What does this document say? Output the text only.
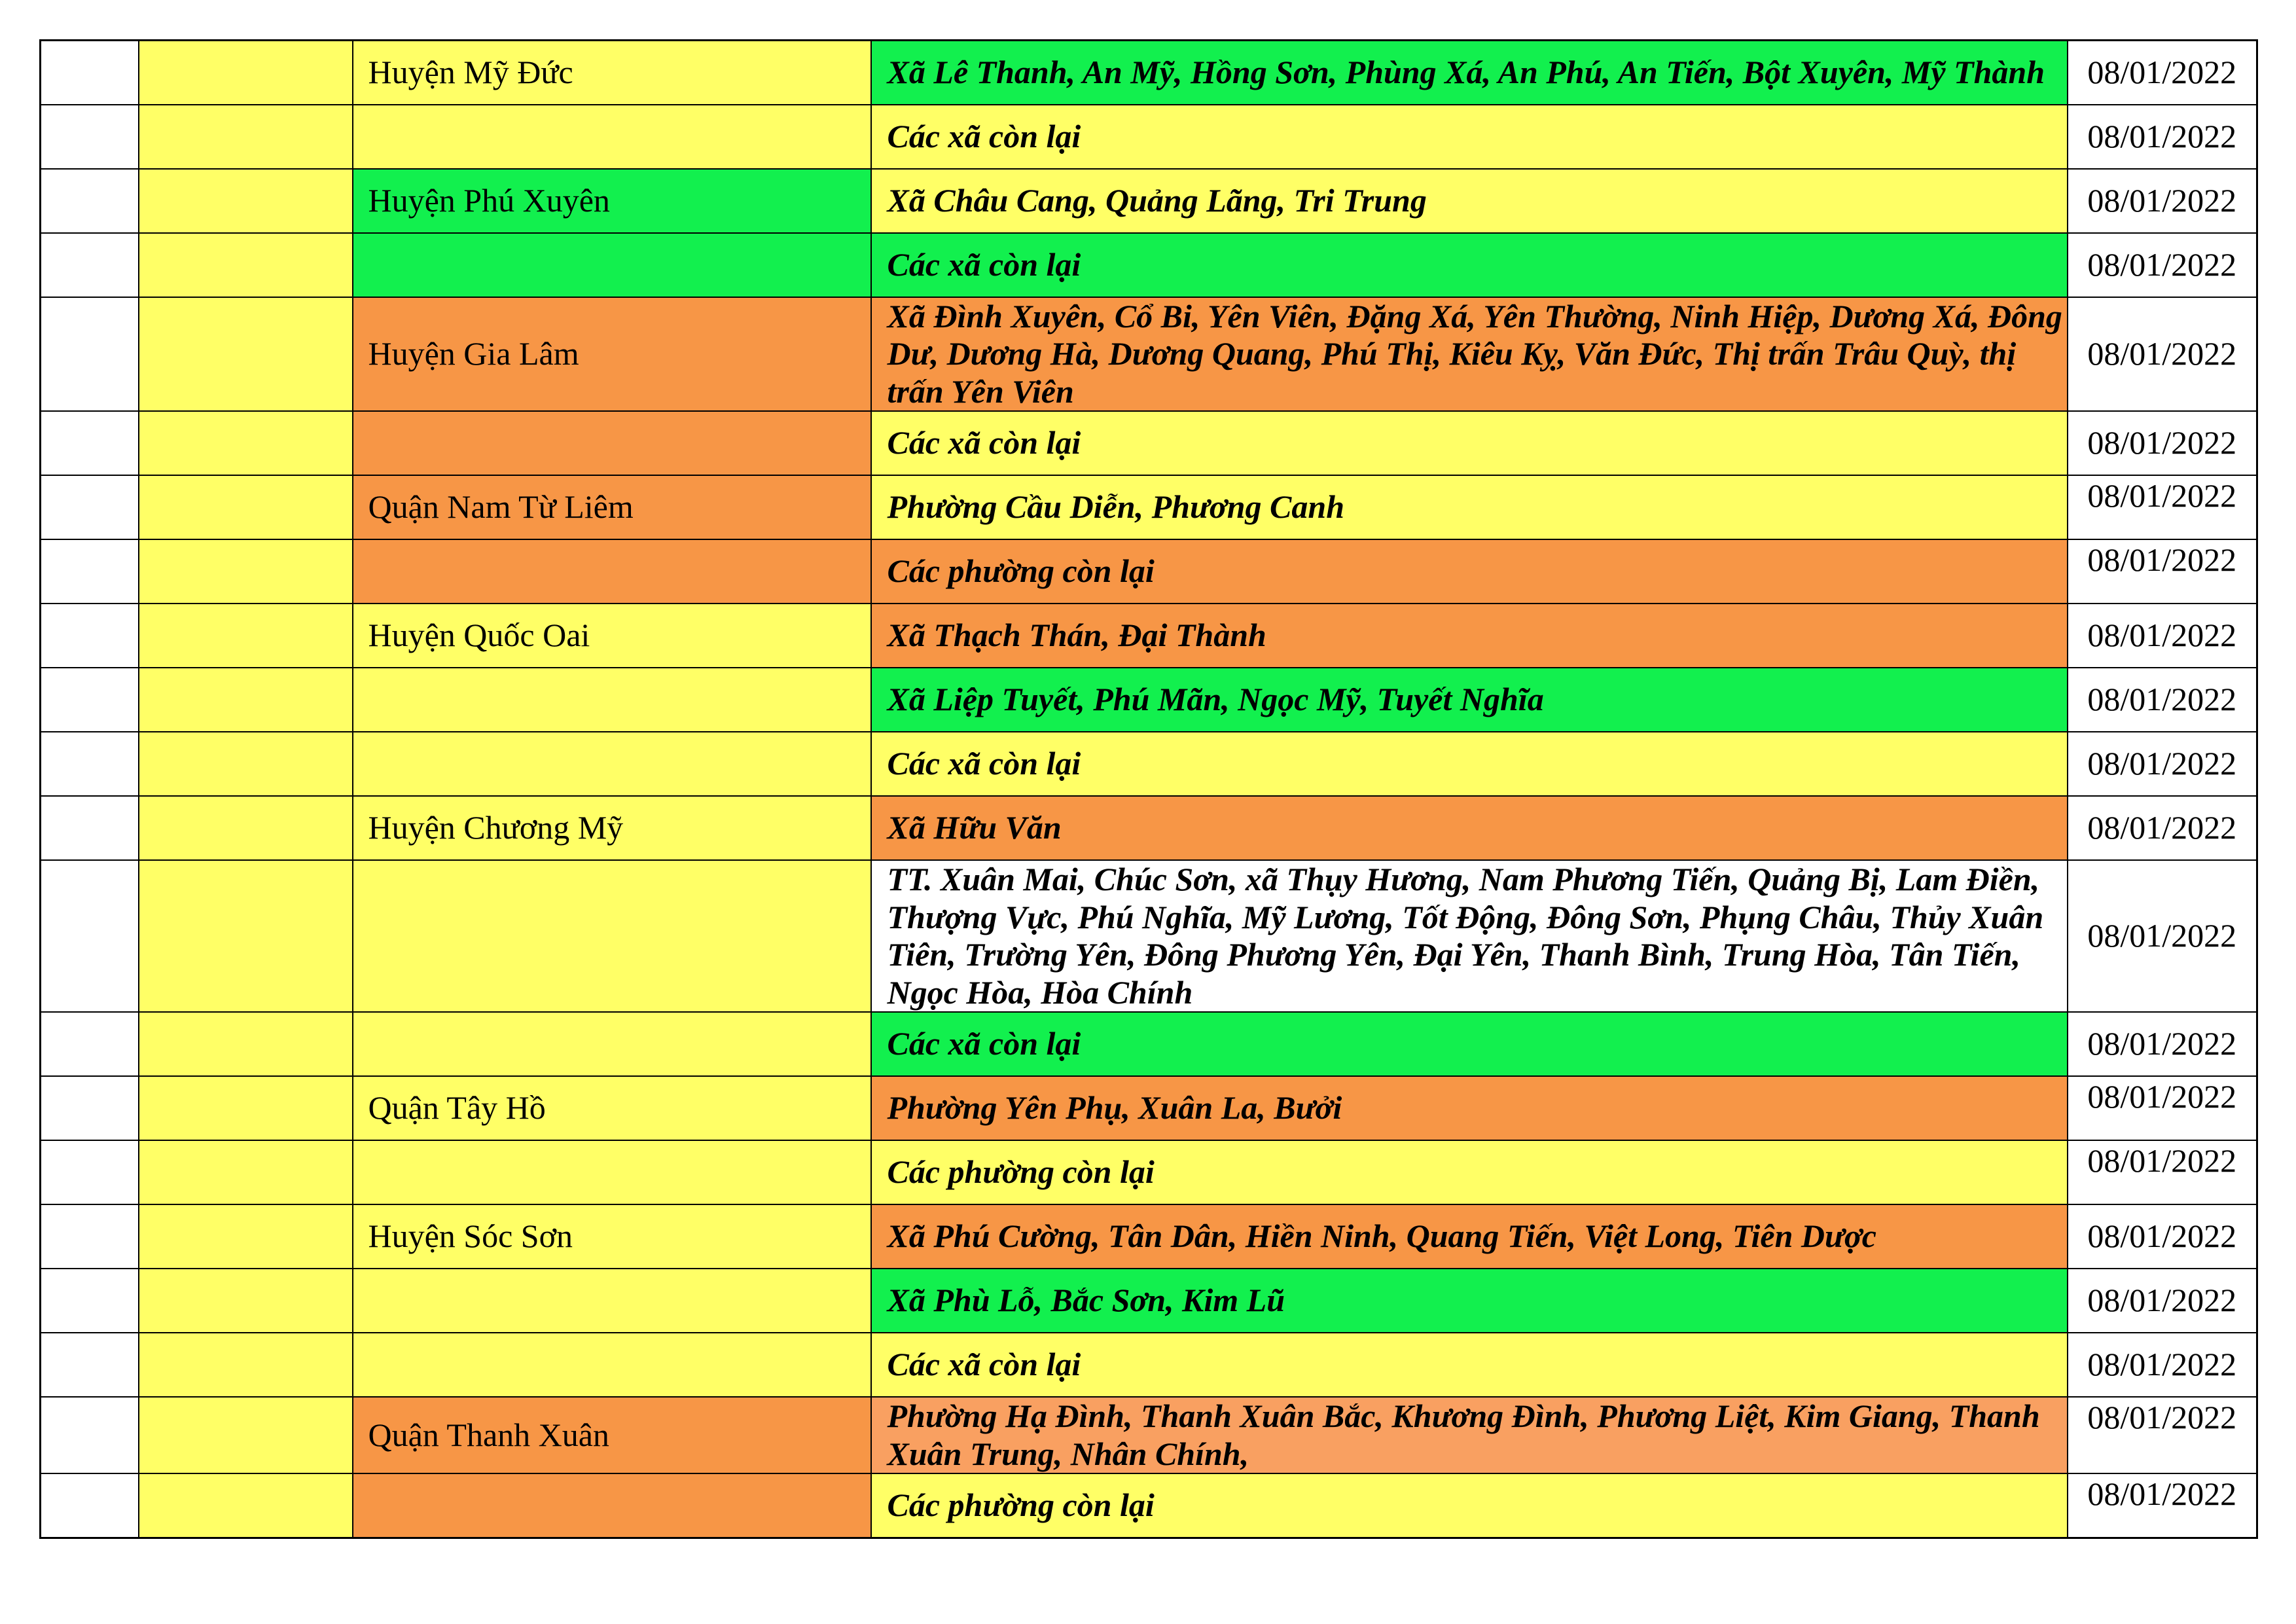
		Huyện Mỹ Đức	Xã Lê Thanh, An Mỹ, Hồng Sơn, Phùng Xá, An Phú, An Tiến, Bột Xuyên, Mỹ Thành	08/01/2022
			Các xã còn lại	08/01/2022
		Huyện Phú Xuyên	Xã Châu Cang, Quảng Lãng, Tri Trung	08/01/2022
			Các xã còn lại	08/01/2022
		Huyện Gia Lâm	Xã Đình Xuyên, Cổ Bi, Yên Viên, Đặng Xá, Yên Thường, Ninh Hiệp, Dương Xá, Đông Dư, Dương Hà, Dương Quang, Phú Thị, Kiêu Kỵ, Văn Đức, Thị trấn Trâu Quỳ, thị trấn Yên Viên	08/01/2022
			Các xã còn lại	08/01/2022
		Quận Nam Từ Liêm	Phường Cầu Diễn, Phương Canh	08/01/2022
			Các phường còn lại	08/01/2022
		Huyện Quốc Oai	Xã Thạch Thán, Đại Thành	08/01/2022
			Xã Liệp Tuyết, Phú Mãn, Ngọc Mỹ, Tuyết Nghĩa	08/01/2022
			Các xã còn lại	08/01/2022
		Huyện Chương Mỹ	Xã Hữu Văn	08/01/2022
			TT. Xuân Mai, Chúc Sơn, xã Thụy Hương, Nam Phương Tiến, Quảng Bị, Lam Điền, Thượng Vực, Phú Nghĩa, Mỹ Lương, Tốt Động, Đông Sơn, Phụng Châu, Thủy Xuân Tiên, Trường Yên, Đông Phương Yên, Đại Yên, Thanh Bình, Trung Hòa, Tân Tiến, Ngọc Hòa, Hòa Chính	08/01/2022
			Các xã còn lại	08/01/2022
		Quận Tây Hồ	Phường Yên Phụ, Xuân La, Bưởi	08/01/2022
			Các phường còn lại	08/01/2022
		Huyện Sóc Sơn	Xã Phú Cường, Tân Dân, Hiền Ninh, Quang Tiến, Việt Long, Tiên Dược	08/01/2022
			Xã Phù Lỗ, Bắc Sơn, Kim Lũ	08/01/2022
			Các xã còn lại	08/01/2022
		Quận Thanh Xuân	Phường Hạ Đình, Thanh Xuân Bắc, Khương Đình, Phương Liệt, Kim Giang, Thanh Xuân Trung, Nhân Chính,	08/01/2022
			Các phường còn lại	08/01/2022
